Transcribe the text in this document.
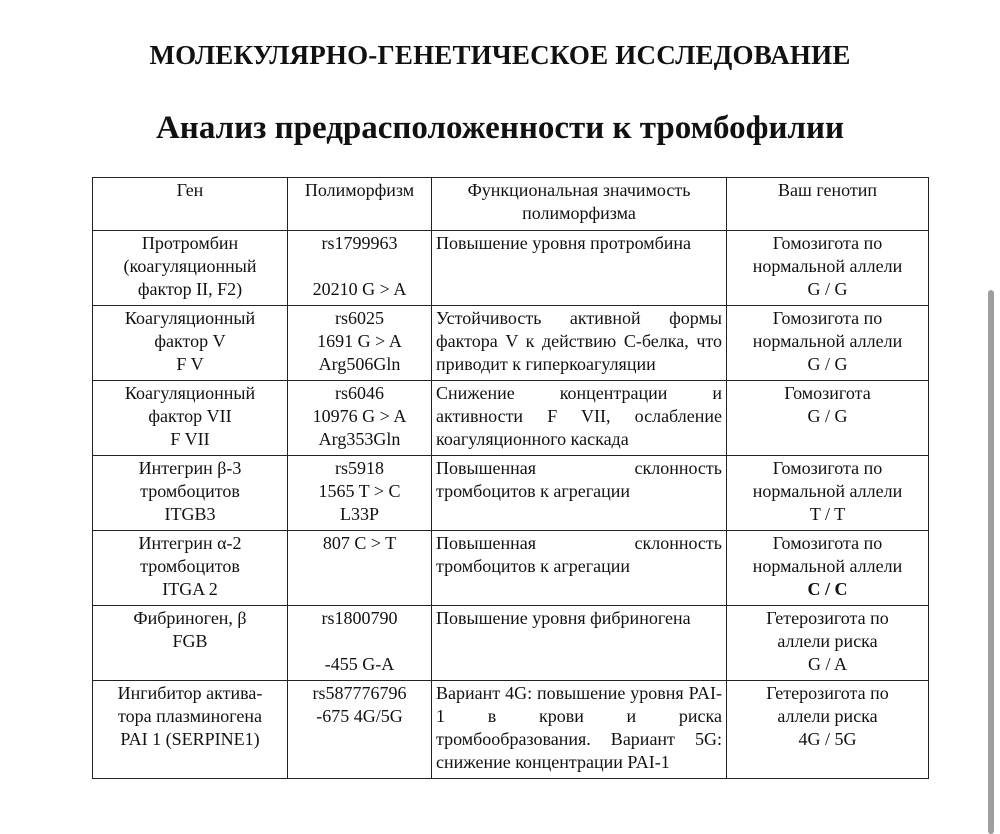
МОЛЕКУЛЯРНО-ГЕНЕТИЧЕСКОЕ ИССЛЕДОВАНИЕ
Анализ предрасположенности к тромбофилии
Ген	Полиморфизм	Функциональная значимость полиморфизма	Ваш генотип

Протромбин
(коагуляционный
фактор II, F2)	rs1799963
20210 G > A	Повышение уровня протромбина	Гомозигота по
нормальной аллели
G / G

Коагуляционный
фактор V
F V	rs6025
1691 G > A
Arg506Gln	Устойчивость активной формы фактора V к действию С-белка, что приводит к гиперкоагуляции	Гомозигота по
нормальной аллели
G / G

Коагуляционный
фактор VII
F VII	rs6046
10976 G > A
Arg353Gln	Снижение концентрации и активности F VII, ослабление коагуляционного каскада	Гомозигота
G / G

Интегрин β-3
тромбоцитов
ITGB3	rs5918
1565 T > C
L33P	Повышенная склонность тромбоцитов к агрегации	Гомозигота по
нормальной аллели
T / T

Интегрин α-2
тромбоцитов
ITGA 2	807 C > T	Повышенная склонность тромбоцитов к агрегации	Гомозигота по
нормальной аллели
C / C

Фибриноген, β
FGB	rs1800790
-455 G-A	Повышение уровня фибриногена	Гетерозигота по
аллели риска
G / A

Ингибитор актива-
тора плазминогена
PAI 1 (SERPINE1)	rs587776796
-675 4G/5G	Вариант 4G: повышение уровня PAI-1 в крови и риска тромбообразования. Вариант 5G: снижение концентрации PAI-1	Гетерозигота по
аллели риска
4G / 5G
